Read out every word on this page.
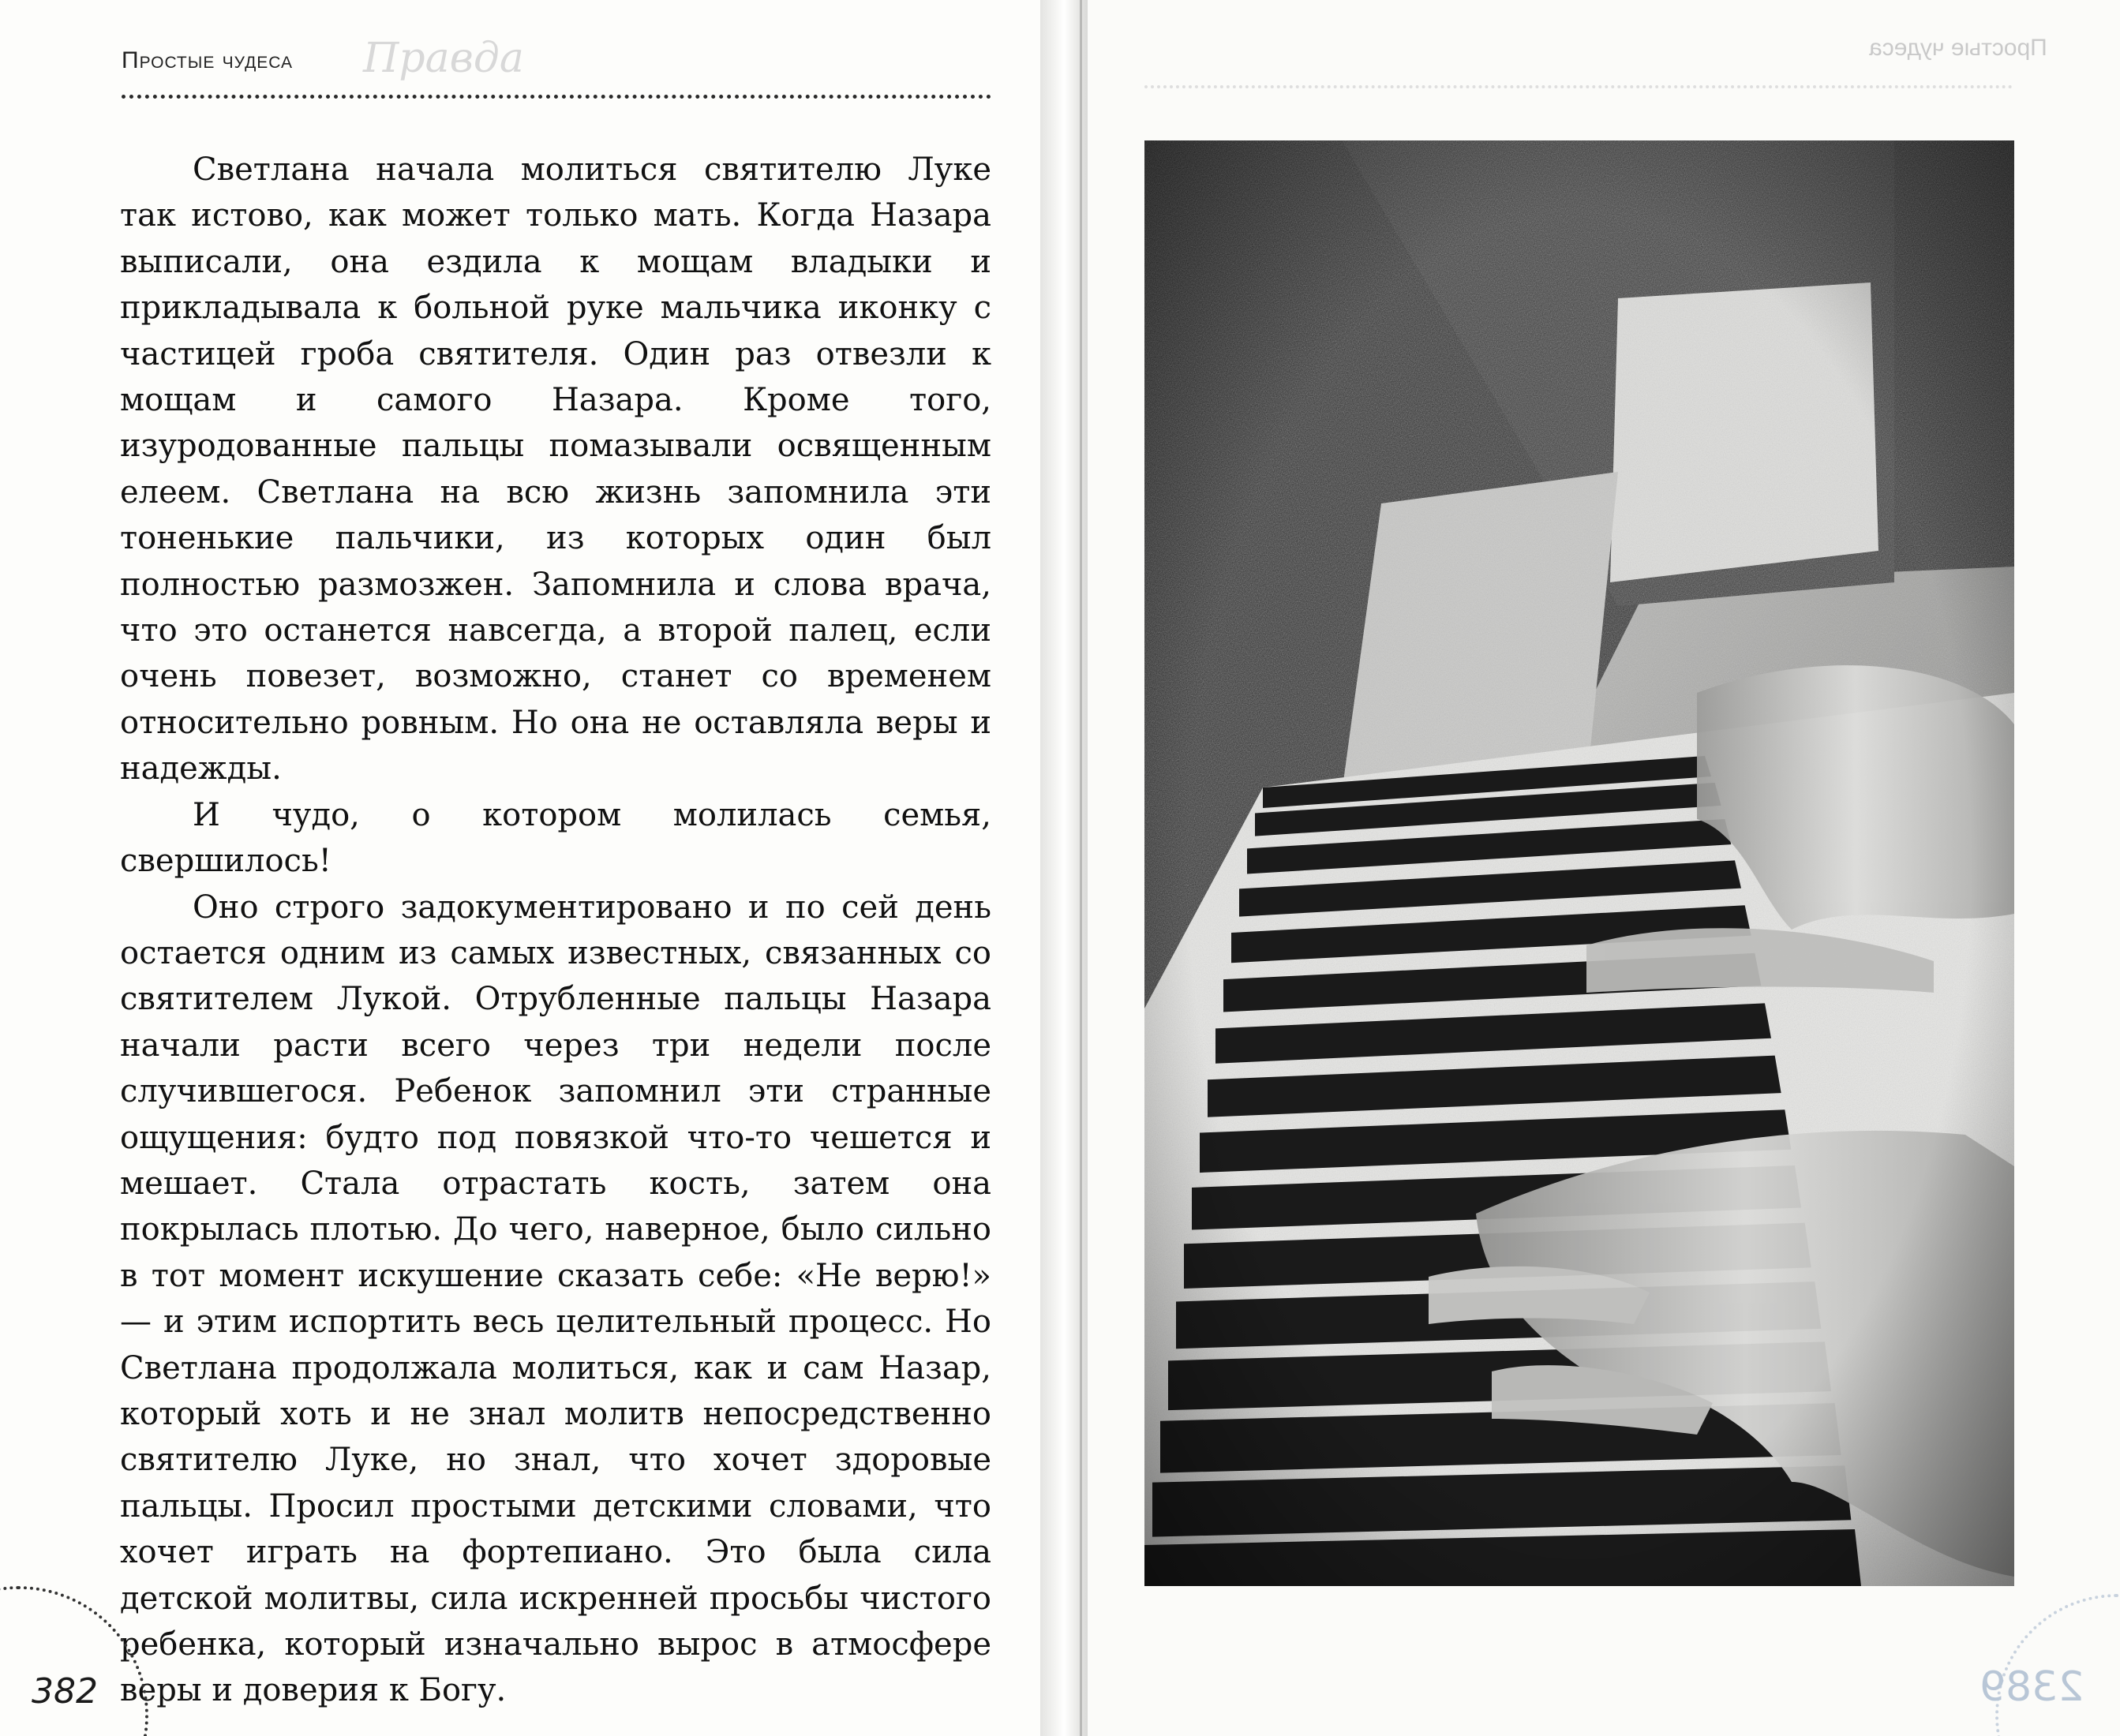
Простые чудеса Правда

Светлана начала молиться святителю Луке так истово, как может только мать. Когда Назара выписали, она ездила к мощам владыки и прикладывала к больной руке мальчика иконку с частицей гроба святителя. Один раз отвезли к мощам и самого Назара. Кроме того, изуродованные пальцы помазывали освященным елеем. Светлана на всю жизнь запомнила эти тоненькие пальчики, из которых один был полностью размозжен. Запомнила и слова врача, что это останется навсегда, а второй палец, если очень повезет, возможно, станет со временем относительно ровным. Но она не оставляла веры и надежды.

И чудо, о котором молилась семья, свершилось!

Оно строго задокументировано и по сей день остается одним из самых известных, связанных со святителем Лукой. Отрубленные пальцы Назара начали расти всего через три недели после случившегося. Ребенок запомнил эти странные ощущения: будто под повязкой что-то чешется и мешает. Стала отрастать кость, затем она покрылась плотью. До чего, наверное, было сильно в тот момент искушение сказать себе: «Не верю!» — и этим испортить весь целительный процесс. Но Светлана продолжала молиться, как и сам Назар, который хоть и не знал молитв непосредственно святителю Луке, но знал, что хочет здоровые пальцы. Просил простыми детскими словами, что хочет играть на фортепиано. Это была сила детской молитвы, сила искренней просьбы чистого ребенка, который изначально вырос в атмосфере веры и доверия к Богу.

382
Простые чудеса
2389
